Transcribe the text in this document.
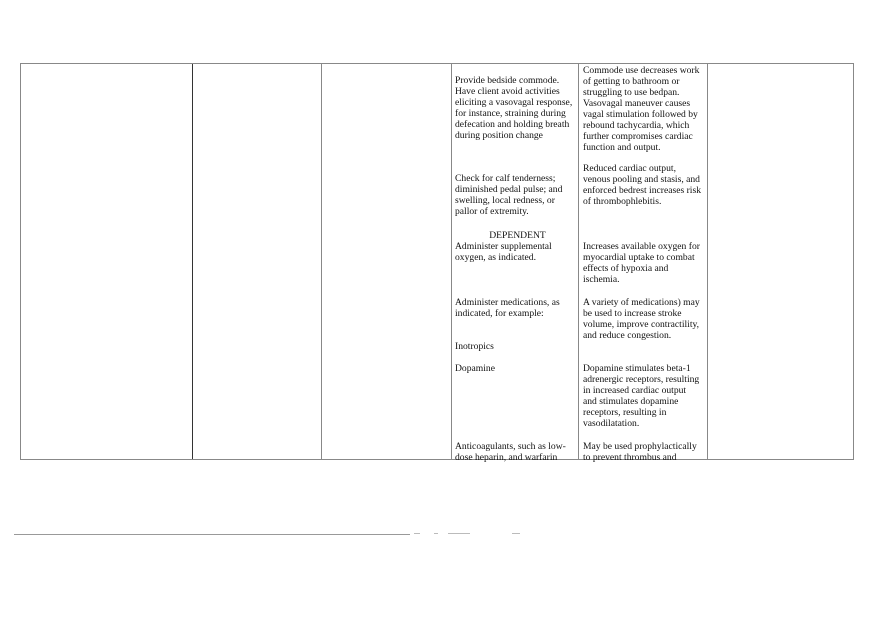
Provide bedside commode.
Have client avoid activities
eliciting a vasovagal response,
for instance, straining during
defecation and holding breath
during position change

Check for calf tenderness;
diminished pedal pulse; and
swelling, local redness, or
pallor of extremity.

DEPENDENT

Administer supplemental
oxygen, as indicated.

Administer medications, as
indicated, for example:

Inotropics

Dopamine

Anticoagulants, such as low-
dose heparin, and warfarin

Commode use decreases work
of getting to bathroom or
struggling to use bedpan.
Vasovagal maneuver causes
vagal stimulation followed by
rebound tachycardia, which
further compromises cardiac
function and output.

Reduced cardiac output,
venous pooling and stasis, and
enforced bedrest increases risk
of thrombophlebitis.

Increases available oxygen for
myocardial uptake to combat
effects of hypoxia and
ischemia.

A variety of medications) may
be used to increase stroke
volume, improve contractility,
and reduce congestion.

Dopamine stimulates beta-1
adrenergic receptors, resulting
in increased cardiac output
and stimulates dopamine
receptors, resulting in
vasodilatation.

May be used prophylactically
to prevent thrombus and
